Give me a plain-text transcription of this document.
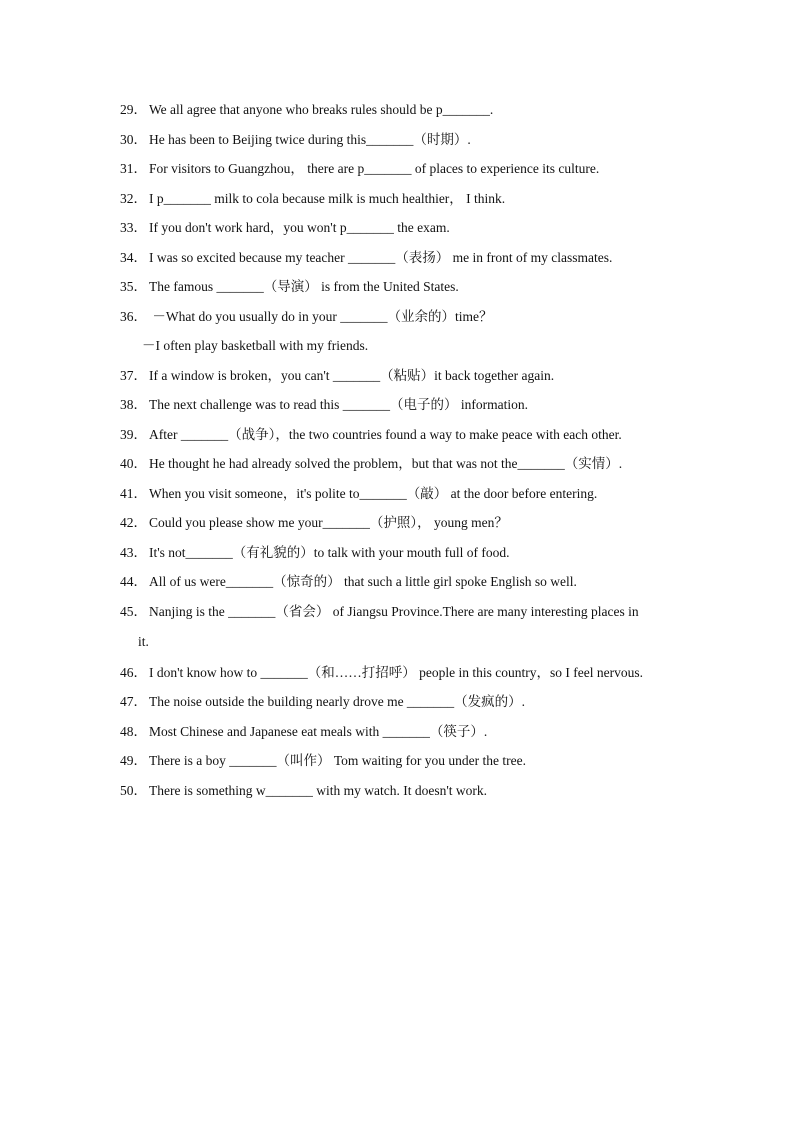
29． We all agree that anyone who breaks rules should be p_______.
30． He has been to Beijing twice during this_______（时期）.
31． For visitors to Guangzhou， there are p_______ of places to experience its culture.
32． I p_______ milk to cola because milk is much healthier， I think.
33． If you don't work hard，you won't p_______ the exam.
34． I was so excited because my teacher _______（表扬） me in front of my classmates.
35． The famous _______（导演） is from the United States.
36． －What do you usually do in your _______（业余的）time？
－I often play basketball with my friends.
37． If a window is broken，you can't _______（粘贴）it back together again.
38． The next challenge was to read this _______（电子的） information.
39． After _______（战争），the two countries found a way to make peace with each other.
40． He thought he had already solved the problem，but that was not the_______（实情）.
41． When you visit someone，it's polite to_______（敲） at the door before entering.
42． Could you please show me your_______（护照）， young men？
43． It's not_______（有礼貌的）to talk with your mouth full of food.
44． All of us were_______（惊奇的） that such a little girl spoke English so well.
45． Nanjing is the _______（省会） of Jiangsu Province.There are many interesting places in
it.
46． I don't know how to _______（和……打招呼） people in this country，so I feel nervous.
47． The noise outside the building nearly drove me _______（发疯的）.
48． Most Chinese and Japanese eat meals with _______（筷子）.
49． There is a boy _______（叫作） Tom waiting for you under the tree.
50． There is something w_______ with my watch. It doesn't work.
